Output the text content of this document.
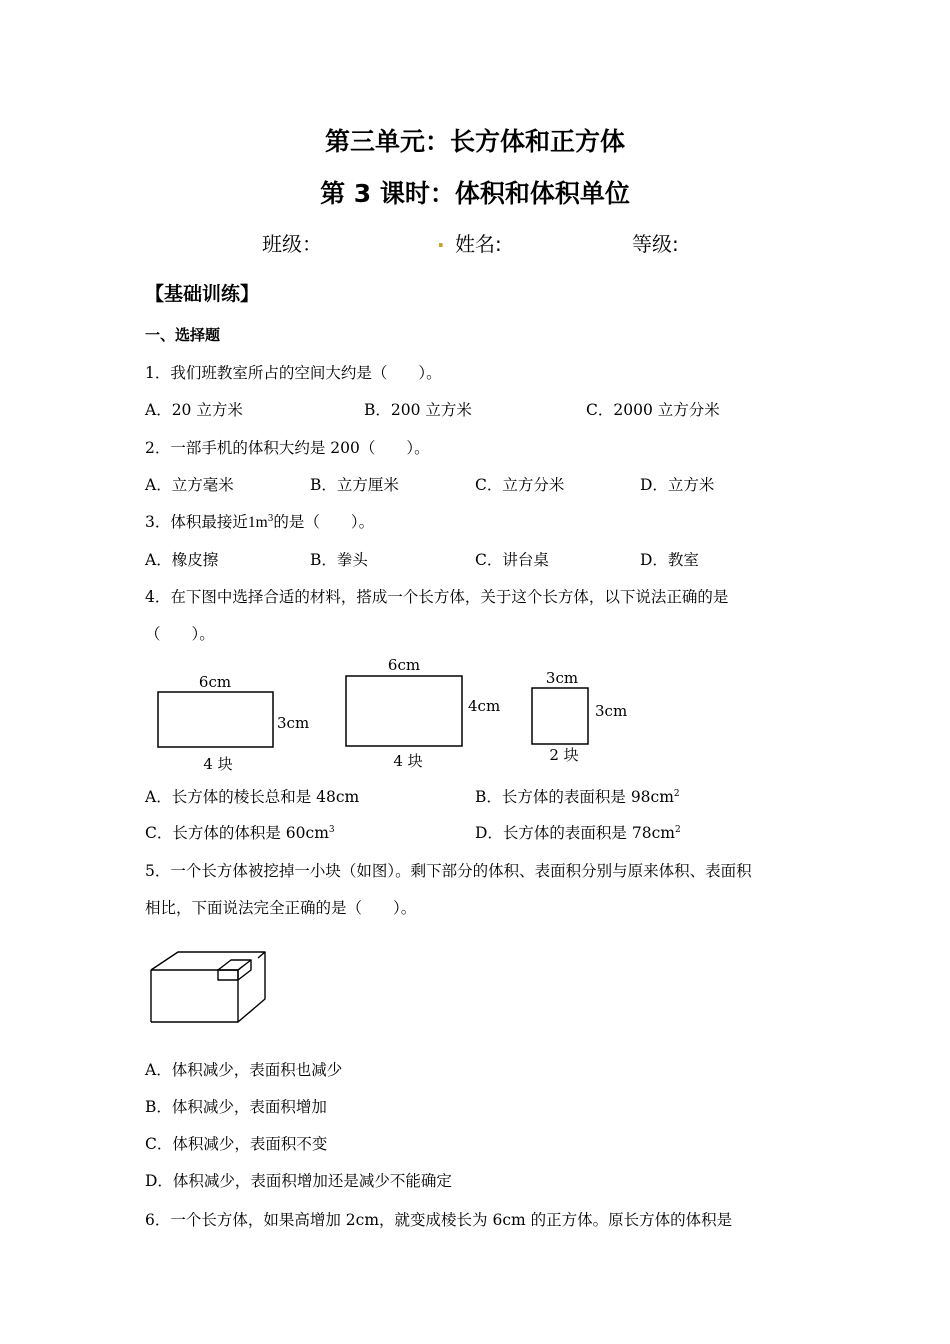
第三单元：长方体和正方体
第 3 课时：体积和体积单位
班级：	. 姓名:	等级:
【基础训练】
一、选择题
1．我们班教室所占的空间大约是（　　）。
A．20 立方米	B．200 立方米	C．2000 立方分米
2．一部手机的体积大约是 200（　　）。
A．立方毫米	B．立方厘米	C．立方分米	D．立方米
3．体积最接近$1m^3$的是（　　）。
A．橡皮擦	B．拳头	C．讲台桌	D．教室
4．在下图中选择合适的材料，搭成一个长方体，关于这个长方体，以下说法正确的是
（　　）。
6cm
3cm
4 块
6cm
4cm
4 块
3cm
3cm
2 块
A．长方体的棱长总和是 48cm	B．长方体的表面积是 $98cm^2$
C．长方体的体积是 $60cm^3$	D．长方体的表面积是 $78cm^2$
5．一个长方体被挖掉一小块（如图）。剩下部分的体积、表面积分别与原来体积、表面积
相比，下面说法完全正确的是（　　）。
A．体积减少，表面积也减少
B．体积减少，表面积增加
C．体积减少，表面积不变
D．体积减少，表面积增加还是减少不能确定
6．一个长方体，如果高增加 2cm，就变成棱长为 6cm 的正方体。原长方体的体积是
